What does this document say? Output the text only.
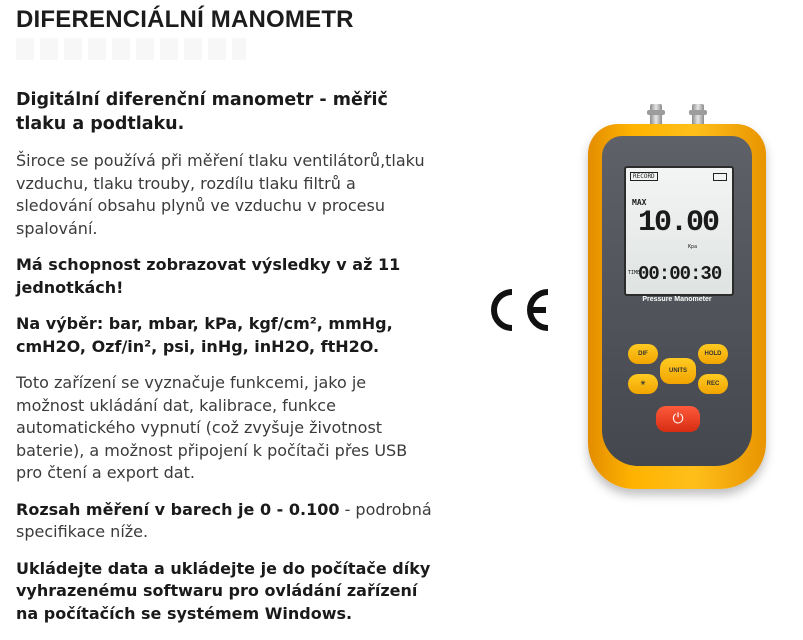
DIFERENCIÁLNÍ MANOMETR

Digitální diferenční manometr - měřič tlaku a podtlaku.

Široce se používá při měření tlaku ventilátorů,tlaku vzduchu, tlaku trouby, rozdílu tlaku filtrů a sledování obsahu plynů ve vzduchu v procesu spalování.

Má schopnost zobrazovat výsledky v až 11 jednotkách!

Na výběr: bar, mbar, kPa, kgf/cm², mmHg, cmH2O, Ozf/in², psi, inHg, inH2O, ftH2O.

Toto zařízení se vyznačuje funkcemi, jako je možnost ukládání dat, kalibrace, funkce automatického vypnutí (což zvyšuje životnost baterie), a možnost připojení k počítači přes USB pro čtení a export dat.

Rozsah měření v barech je 0 - 0.100 - podrobná specifikace níže.

Ukládejte data a ukládejte je do počítače díky vyhrazenému softwaru pro ovládání zařízení na počítačích se systémem Windows.

RECORD
MAX
10.00
Kpa
TIME
00:00:30
Pressure Manometer
DIF	HOLD
UNITS
☀	REC
⏻
